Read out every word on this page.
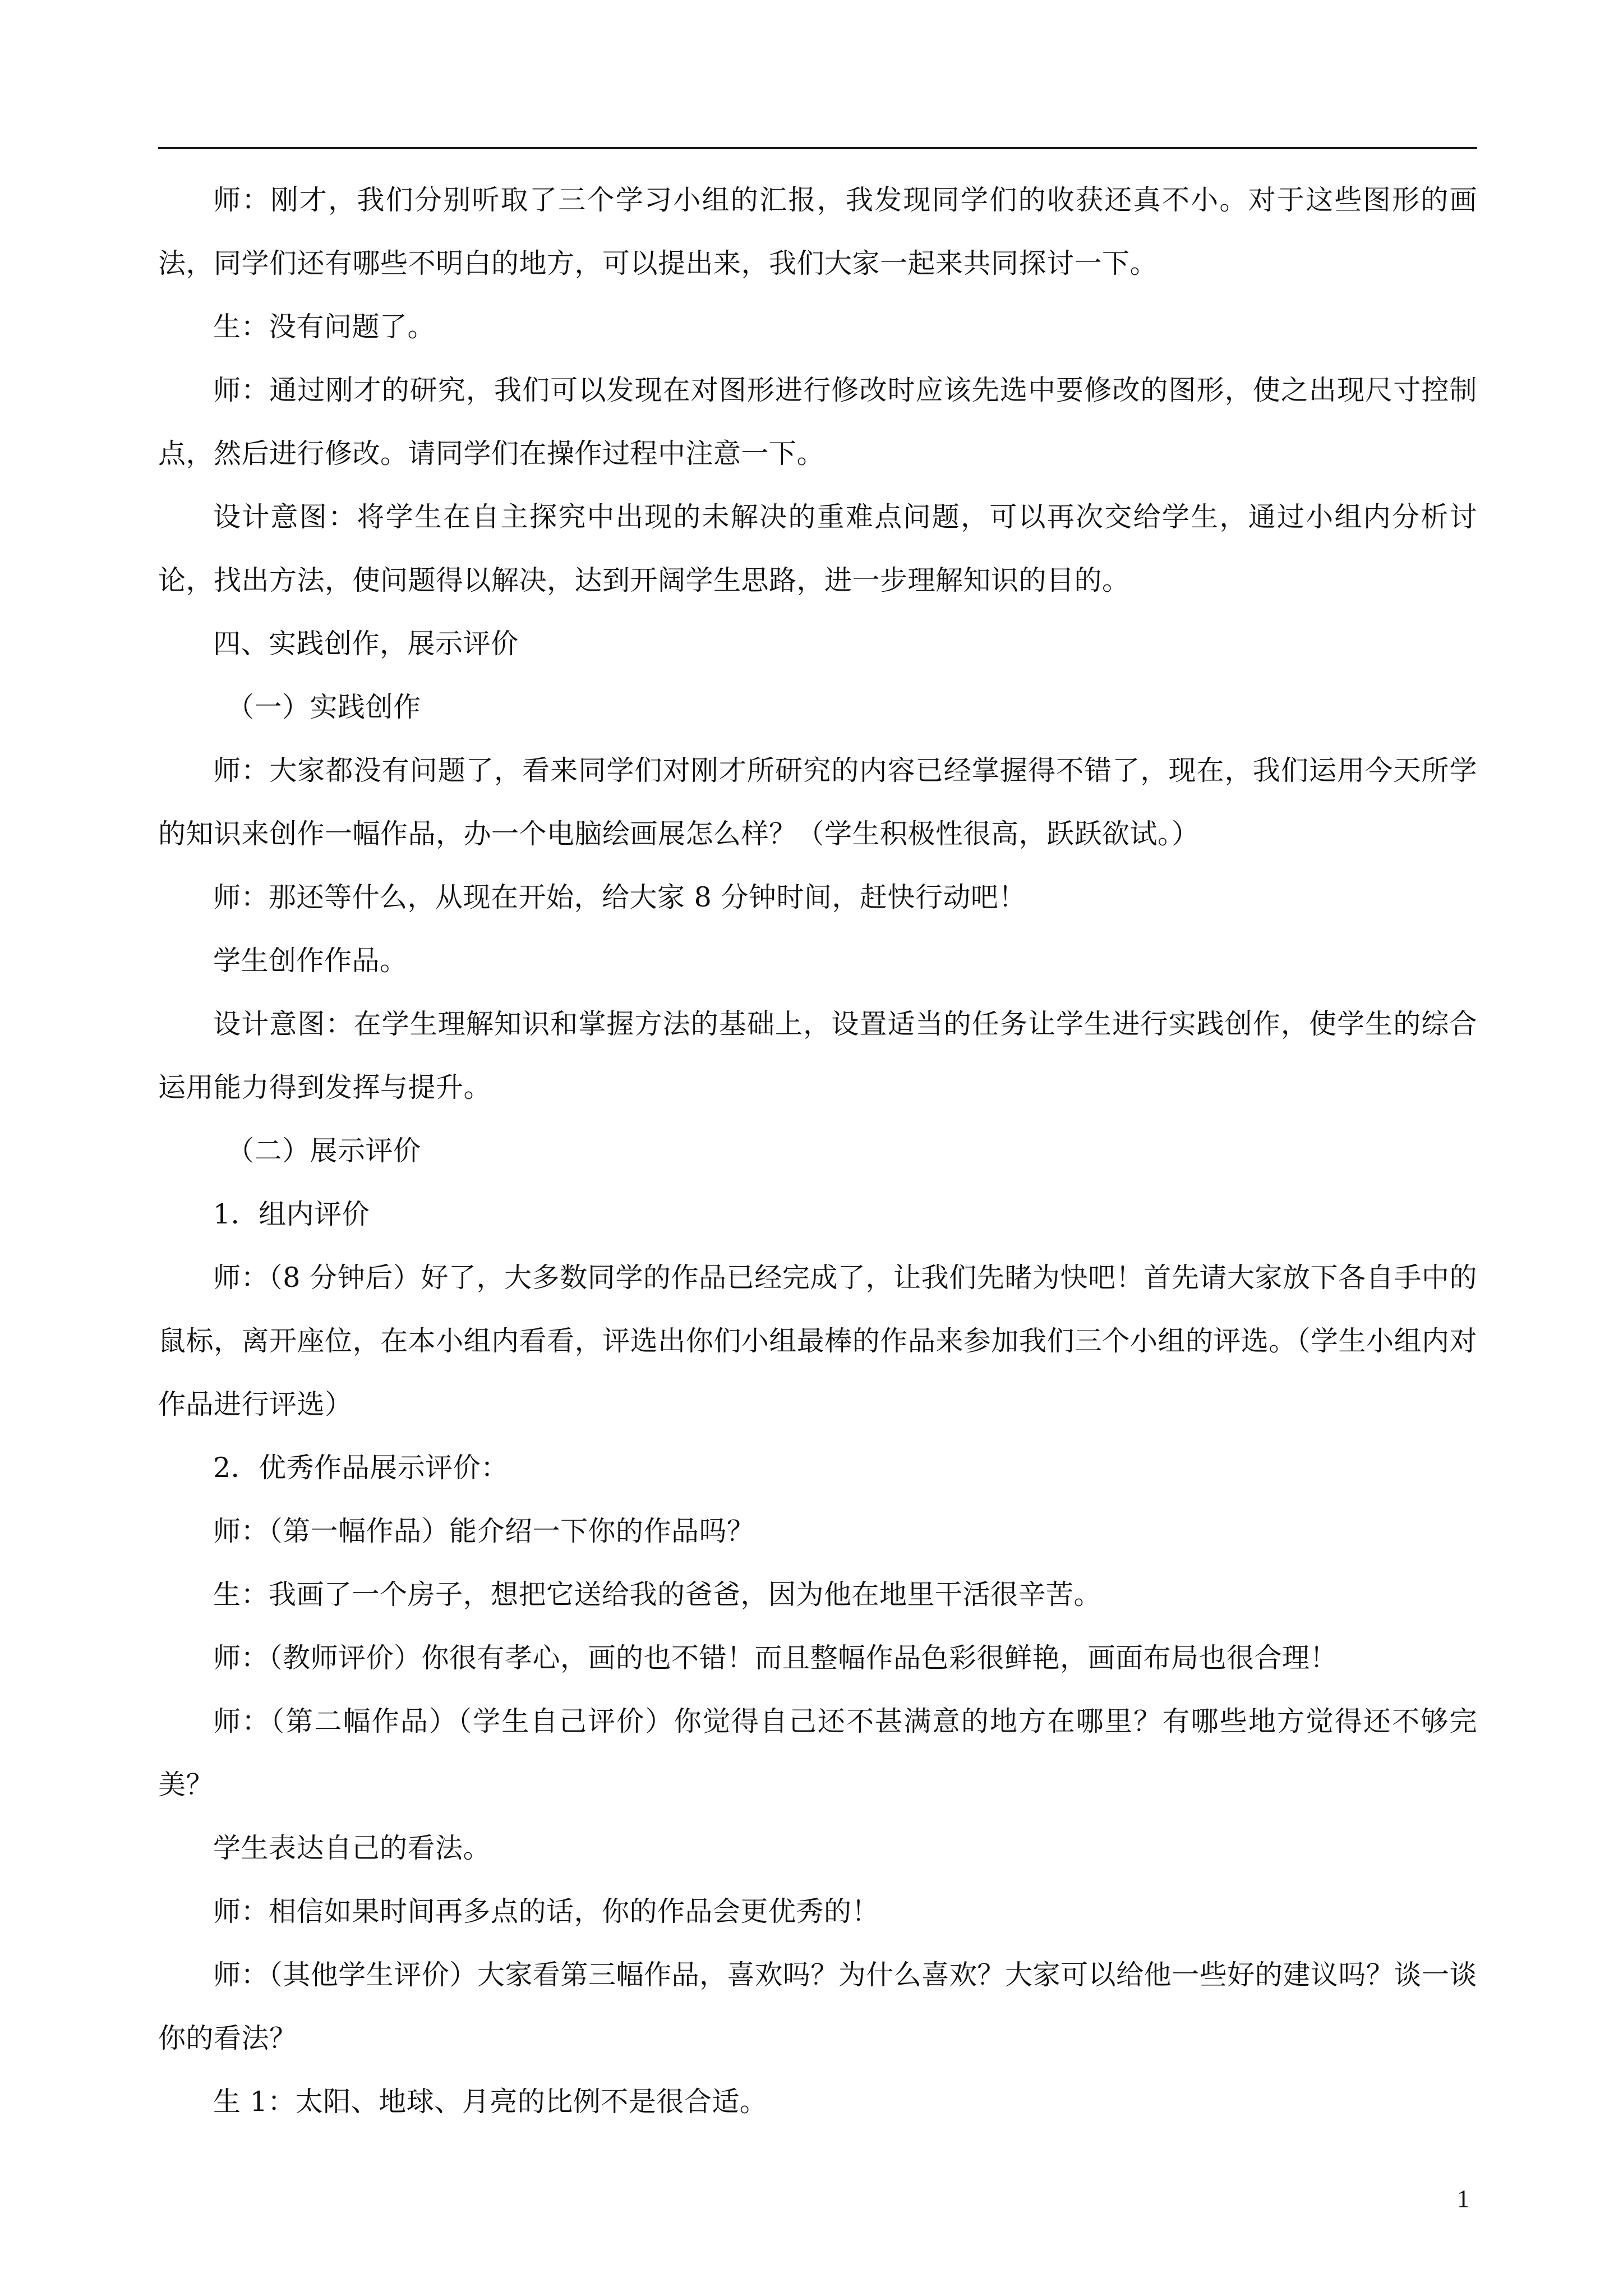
师：刚才，我们分别听取了三个学习小组的汇报，我发现同学们的收获还真不小。对于这些图形的画法，同学们还有哪些不明白的地方，可以提出来，我们大家一起来共同探讨一下。

生：没有问题了。

师：通过刚才的研究，我们可以发现在对图形进行修改时应该先选中要修改的图形，使之出现尺寸控制点，然后进行修改。请同学们在操作过程中注意一下。

设计意图：将学生在自主探究中出现的未解决的重难点问题，可以再次交给学生，通过小组内分析讨论，找出方法，使问题得以解决，达到开阔学生思路，进一步理解知识的目的。

四、实践创作，展示评价

（一）实践创作

师：大家都没有问题了，看来同学们对刚才所研究的内容已经掌握得不错了，现在，我们运用今天所学的知识来创作一幅作品，办一个电脑绘画展怎么样？（学生积极性很高，跃跃欲试。）

师：那还等什么，从现在开始，给大家 8 分钟时间，赶快行动吧！

学生创作作品。

设计意图：在学生理解知识和掌握方法的基础上，设置适当的任务让学生进行实践创作，使学生的综合运用能力得到发挥与提升。

（二）展示评价

1．组内评价

师：（8 分钟后）好了，大多数同学的作品已经完成了，让我们先睹为快吧！首先请大家放下各自手中的鼠标，离开座位，在本小组内看看，评选出你们小组最棒的作品来参加我们三个小组的评选。（学生小组内对作品进行评选）

2．优秀作品展示评价：

师：（第一幅作品）能介绍一下你的作品吗？

生：我画了一个房子，想把它送给我的爸爸，因为他在地里干活很辛苦。

师：（教师评价）你很有孝心，画的也不错！而且整幅作品色彩很鲜艳，画面布局也很合理！

师：（第二幅作品）（学生自己评价）你觉得自己还不甚满意的地方在哪里？有哪些地方觉得还不够完美？

学生表达自己的看法。

师：相信如果时间再多点的话，你的作品会更优秀的！

师：（其他学生评价）大家看第三幅作品，喜欢吗？为什么喜欢？大家可以给他一些好的建议吗？谈一谈你的看法？

生 1：太阳、地球、月亮的比例不是很合适。

1
